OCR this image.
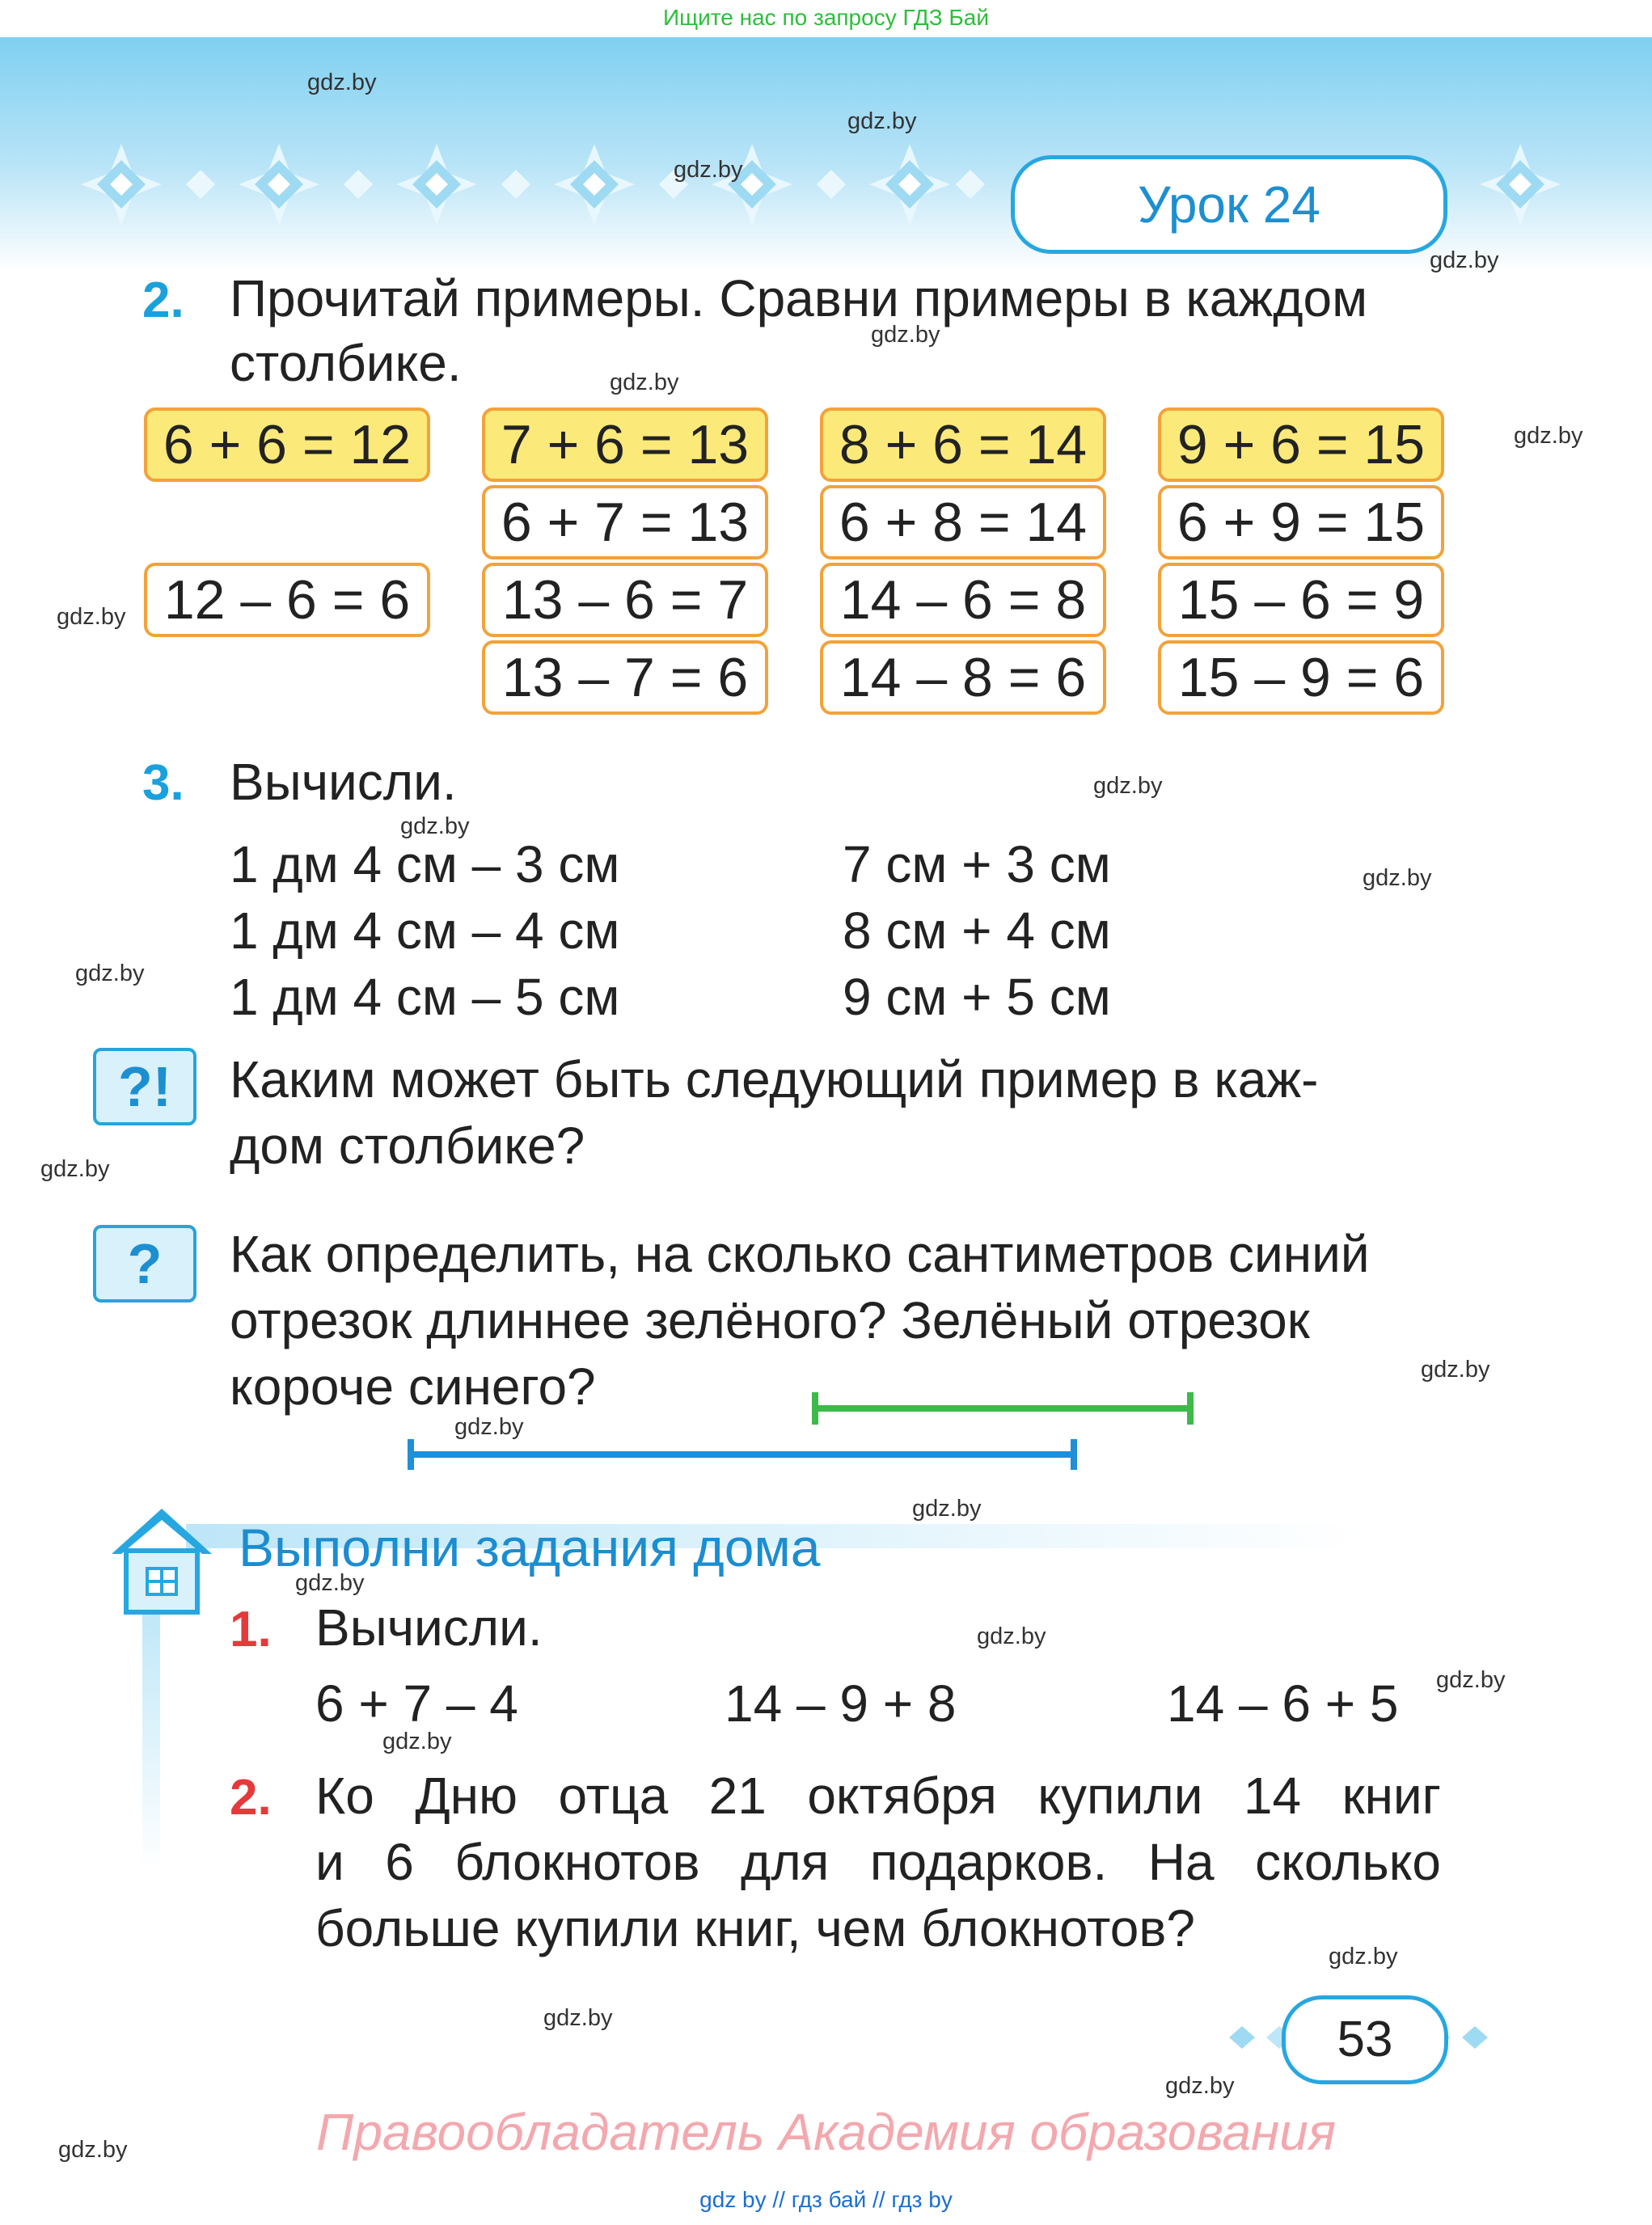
Ищите нас по запросу ГДЗ Бай
Урок 24
gdz.by
gdz.by
gdz.by
gdz.by
gdz.by
gdz.by
gdz.by
gdz.by
gdz.by
gdz.by
gdz.by
gdz.by
gdz.by
gdz.by
gdz.by
gdz.by
gdz.by
gdz.by
gdz.by
gdz.by
gdz.by
gdz.by
gdz.by
gdz.by
2. Прочитай примеры. Сравни примеры в каждом
столбике.
6 + 6 = 12
12 – 6 = 6
7 + 6 = 13
6 + 7 = 13
13 – 6 = 7
13 – 7 = 6
8 + 6 = 14
6 + 8 = 14
14 – 6 = 8
14 – 8 = 6
9 + 6 = 15
6 + 9 = 15
15 – 6 = 9
15 – 9 = 6
3. Вычисли.
1 дм 4 см – 3 см
1 дм 4 см – 4 см
1 дм 4 см – 5 см
7 см + 3 см
8 см + 4 см
9 см + 5 см
?!	Каким может быть следующий пример в каж-
дом столбике?
?	Как определить, на сколько сантиметров синий
отрезок длиннее зелёного? Зелёный отрезок
короче синего?
Выполни задания дома
1. Вычисли.
6 + 7 – 4	14 – 9 + 8	14 – 6 + 5
2. Ко Дню отца 21 октября купили 14 книг
и 6 блокнотов для подарков. На сколько
больше купили книг, чем блокнотов?
53
Правообладатель Академия образования
gdz by // гдз бай // гдз by
